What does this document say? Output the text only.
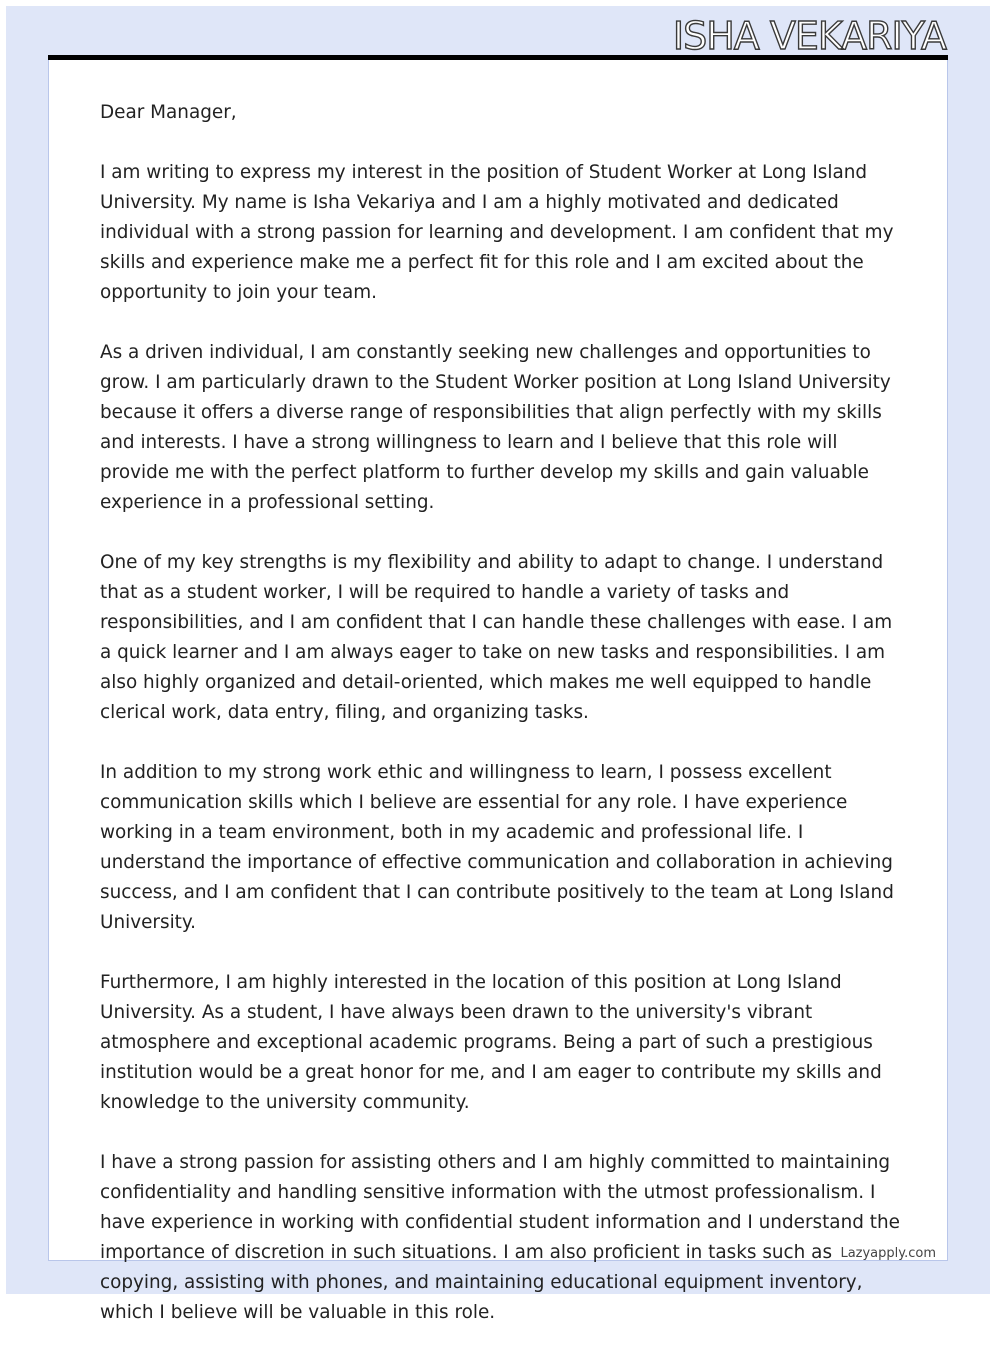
ISHA VEKARIYA

Dear Manager,

I am writing to express my interest in the position of Student Worker at Long Island University. My name is Isha Vekariya and I am a highly motivated and dedicated individual with a strong passion for learning and development. I am confident that my skills and experience make me a perfect fit for this role and I am excited about the opportunity to join your team.

As a driven individual, I am constantly seeking new challenges and opportunities to grow. I am particularly drawn to the Student Worker position at Long Island University because it offers a diverse range of responsibilities that align perfectly with my skills and interests. I have a strong willingness to learn and I believe that this role will provide me with the perfect platform to further develop my skills and gain valuable experience in a professional setting.

One of my key strengths is my flexibility and ability to adapt to change. I understand that as a student worker, I will be required to handle a variety of tasks and responsibilities, and I am confident that I can handle these challenges with ease. I am a quick learner and I am always eager to take on new tasks and responsibilities. I am also highly organized and detail-oriented, which makes me well equipped to handle clerical work, data entry, filing, and organizing tasks.

In addition to my strong work ethic and willingness to learn, I possess excellent communication skills which I believe are essential for any role. I have experience working in a team environment, both in my academic and professional life. I understand the importance of effective communication and collaboration in achieving success, and I am confident that I can contribute positively to the team at Long Island University.

Furthermore, I am highly interested in the location of this position at Long Island University. As a student, I have always been drawn to the university's vibrant atmosphere and exceptional academic programs. Being a part of such a prestigious institution would be a great honor for me, and I am eager to contribute my skills and knowledge to the university community.

I have a strong passion for assisting others and I am highly committed to maintaining confidentiality and handling sensitive information with the utmost professionalism. I have experience in working with confidential student information and I understand the importance of discretion in such situations. I am also proficient in tasks such as copying, assisting with phones, and maintaining educational equipment inventory, which I believe will be valuable in this role.

Lazyapply.com
